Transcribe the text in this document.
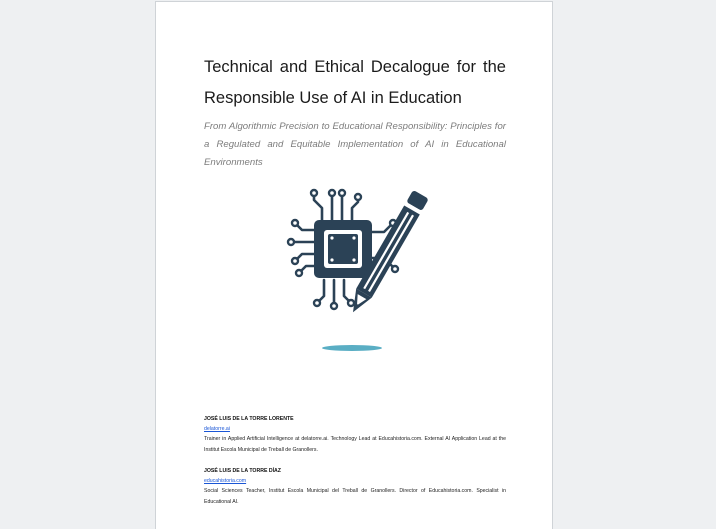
Technical and Ethical Decalogue for the Responsible Use of AI in Education

From Algorithmic Precision to Educational Responsibility: Principles for a Regulated and Equitable Implementation of AI in Educational Environments

JOSÉ LUIS DE LA TORRE LORENTE
delatorre.ai
Trainer in Applied Artificial Intelligence at delatorre.ai. Technology Lead at Educahistoria.com. External AI Application Lead at the Institut Escola Municipal de Treball de Granollers.
JOSÉ LUIS DE LA TORRE DÍAZ
educahistoria.com
Social Sciences Teacher, Institut Escola Municipal del Treball de Granollers. Director of Educahistoria.com. Specialist in Educational AI.
